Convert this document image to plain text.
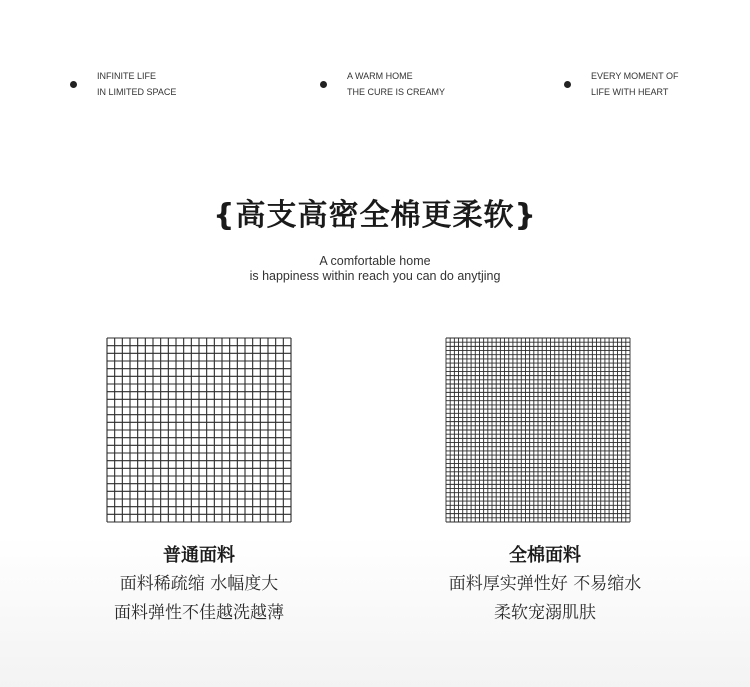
INFINITE LIFE
IN LIMITED SPACE
A WARM HOME
THE CURE IS CREAMY
EVERY MOMENT OF
LIFE WITH HEART
{高支高密全棉更柔软}
A comfortable home
is happiness within reach you can do anytjing
普通面料
面料稀疏缩 水幅度大
面料弹性不佳越洗越薄
全棉面料
面料厚实弹性好 不易缩水
柔软宠溺肌肤
